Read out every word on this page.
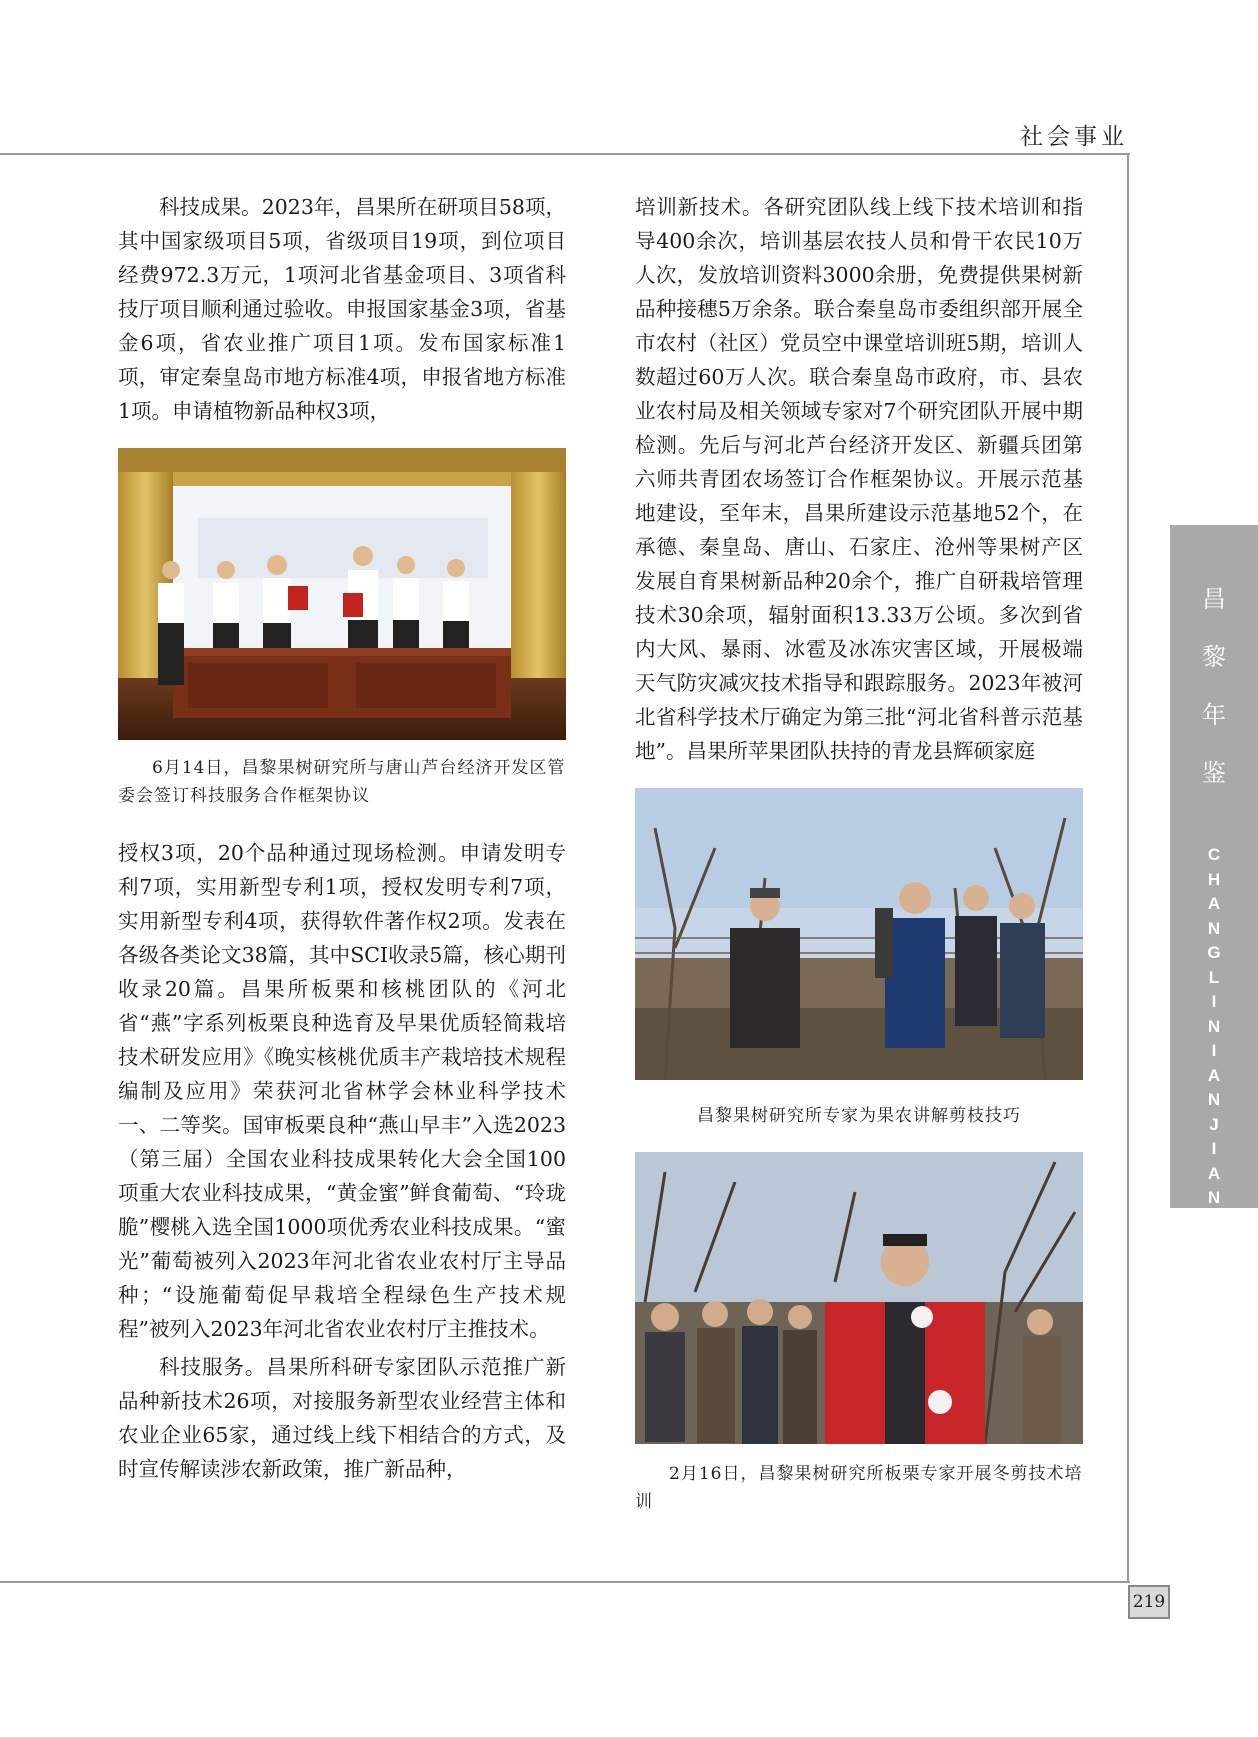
社会事业

科技成果。2023年，昌果所在研项目58项，其中国家级项目5项，省级项目19项，到位项目经费972.3万元，1项河北省基金项目、3项省科技厅项目顺利通过验收。申报国家基金3项，省基金6项，省农业推广项目1项。发布国家标准1项，审定秦皇岛市地方标准4项，申报省地方标准1项。申请植物新品种权3项，

6月14日，昌黎果树研究所与唐山芦台经济开发区管委会签订科技服务合作框架协议

授权3项，20个品种通过现场检测。申请发明专利7项，实用新型专利1项，授权发明专利7项，实用新型专利4项，获得软件著作权2项。发表在各级各类论文38篇，其中SCI收录5篇，核心期刊收录20篇。昌果所板栗和核桃团队的《河北省“燕”字系列板栗良种选育及早果优质轻简栽培技术研发应用》《晚实核桃优质丰产栽培技术规程编制及应用》荣获河北省林学会林业科学技术一、二等奖。国审板栗良种“燕山早丰”入选2023（第三届）全国农业科技成果转化大会全国100项重大农业科技成果，“黄金蜜”鲜食葡萄、“玲珑脆”樱桃入选全国1000项优秀农业科技成果。“蜜光”葡萄被列入2023年河北省农业农村厅主导品种；“设施葡萄促早栽培全程绿色生产技术规程”被列入2023年河北省农业农村厅主推技术。

科技服务。昌果所科研专家团队示范推广新品种新技术26项，对接服务新型农业经营主体和农业企业65家，通过线上线下相结合的方式，及时宣传解读涉农新政策，推广新品种，

培训新技术。各研究团队线上线下技术培训和指导400余次，培训基层农技人员和骨干农民10万人次，发放培训资料3000余册，免费提供果树新品种接穗5万余条。联合秦皇岛市委组织部开展全市农村（社区）党员空中课堂培训班5期，培训人数超过60万人次。联合秦皇岛市政府，市、县农业农村局及相关领域专家对7个研究团队开展中期检测。先后与河北芦台经济开发区、新疆兵团第六师共青团农场签订合作框架协议。开展示范基地建设，至年末，昌果所建设示范基地52个，在承德、秦皇岛、唐山、石家庄、沧州等果树产区发展自育果树新品种20余个，推广自研栽培管理技术30余项，辐射面积13.33万公顷。多次到省内大风、暴雨、冰雹及冰冻灾害区域，开展极端天气防灾减灾技术指导和跟踪服务。2023年被河北省科学技术厅确定为第三批“河北省科普示范基地”。昌果所苹果团队扶持的青龙县辉硕家庭

昌黎果树研究所专家为果农讲解剪枝技巧
2月16日，昌黎果树研究所板栗专家开展冬剪技术培训
昌
黎
年
鉴
C
H
A
N
G
L
I
N
I
A
N
J
I
A
N
219
